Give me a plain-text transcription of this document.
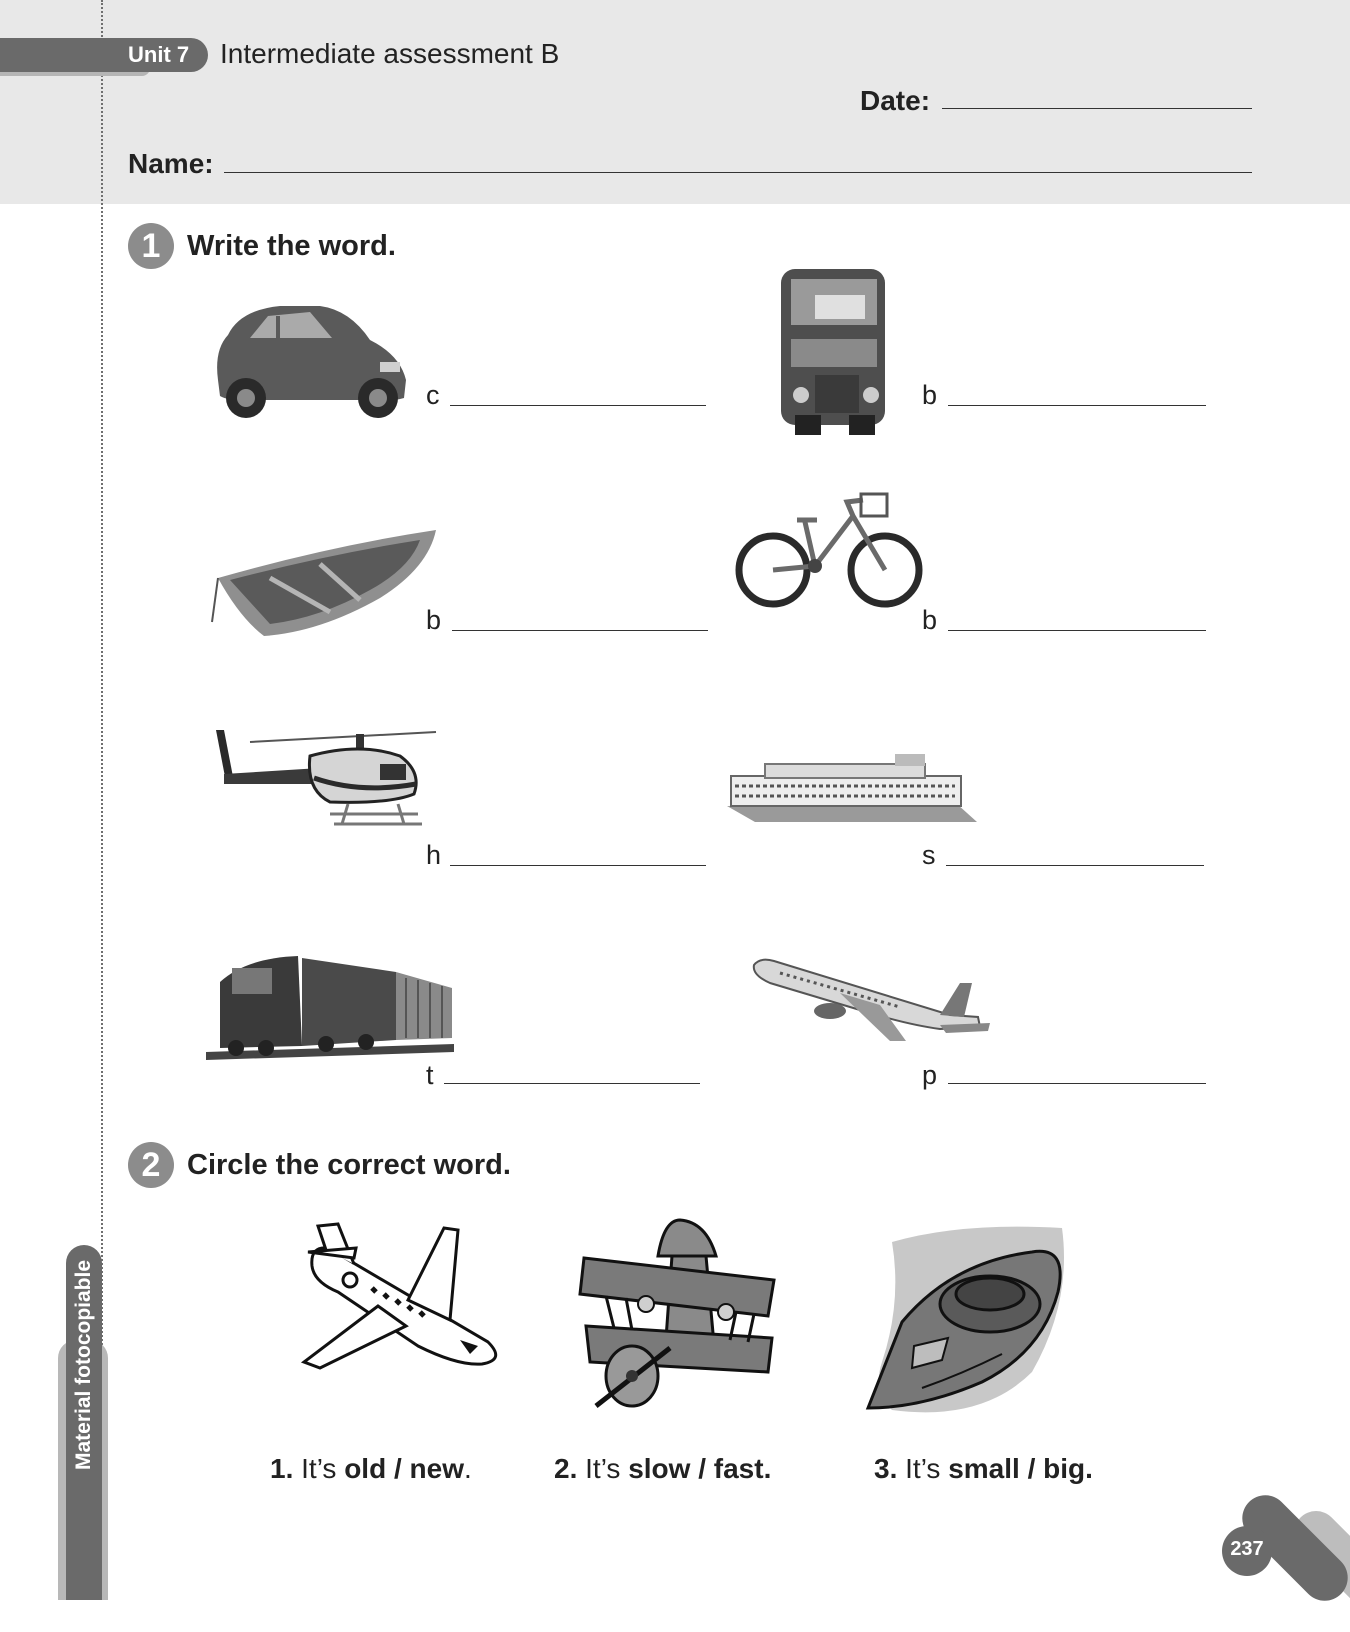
Unit 7 Intermediate assessment B
Date:
Name:
1 Write the word.
c	b
b	b
h	s
t	p
2 Circle the correct word.
1. It’s old / new.	2. It’s slow / fast.	3. It’s small / big.
Material fotocopiable
237
